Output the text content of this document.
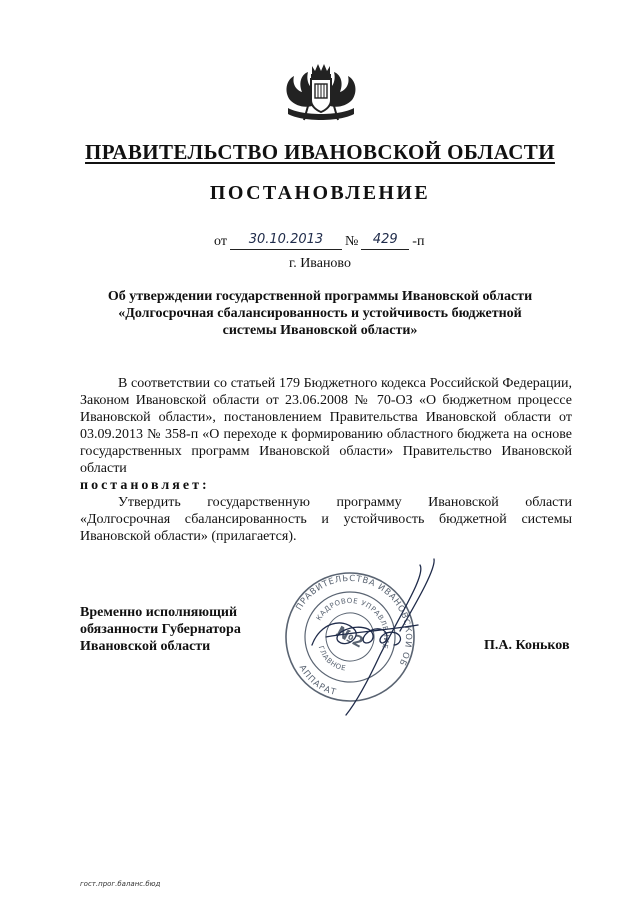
ПРАВИТЕЛЬСТВО ИВАНОВСКОЙ ОБЛАСТИ
ПОСТАНОВЛЕНИЕ
от	30.10.2013	№	429	-п
г. Иваново
Об утверждении государственной программы Ивановской области
«Долгосрочная сбалансированность и устойчивость бюджетной
системы Ивановской области»

В соответствии со статьей 179 Бюджетного кодекса Российской Федерации, Законом Ивановской области от 23.06.2008 № 70-ОЗ «О бюджетном процессе Ивановской области», постановлением Правительства Ивановской области от 03.09.2013 № 358-п «О переходе к формированию областного бюджета на основе государственных программ Ивановской области» Правительство Ивановской области

постановляет:

Утвердить государственную программу Ивановской области «Долгосрочная сбалансированность и устойчивость бюджетной системы Ивановской области» (прилагается).

Временно исполняющий
обязанности Губернатора
Ивановской области	П.А. Коньков
ПРАВИТЕЛЬСТВА ИВАНОВСКОЙ ОБЛАСТИ
АППАРАТ
КАДРОВОЕ УПРАВЛЕНИЕ
ГЛАВНОЕ
№2
гост.прог.баланс.бюд
